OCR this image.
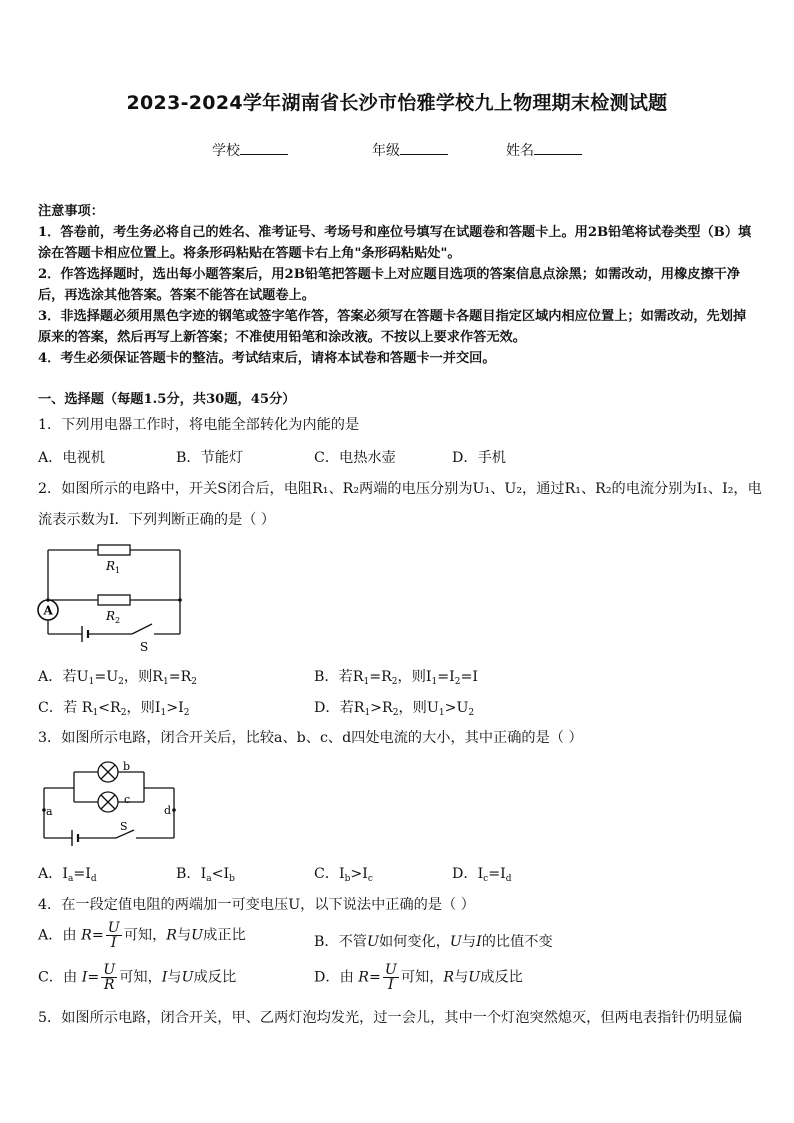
2023-2024学年湖南省长沙市怡雅学校九上物理期末检测试题
学校	年级	姓名
注意事项：
1．答卷前，考生务必将自己的姓名、准考证号、考场号和座位号填写在试题卷和答题卡上。用2B铅笔将试卷类型（B）填涂在答题卡相应位置上。将条形码粘贴在答题卡右上角"条形码粘贴处"。
2．作答选择题时，选出每小题答案后，用2B铅笔把答题卡上对应题目选项的答案信息点涂黑；如需改动，用橡皮擦干净后，再选涂其他答案。答案不能答在试题卷上。
3．非选择题必须用黑色字迹的钢笔或签字笔作答，答案必须写在答题卡各题目指定区域内相应位置上；如需改动，先划掉原来的答案，然后再写上新答案；不准使用铅笔和涂改液。不按以上要求作答无效。
4．考生必须保证答题卡的整洁。考试结束后，请将本试卷和答题卡一并交回。
一、选择题（每题1.5分，共30题，45分）
1．下列用电器工作时，将电能全部转化为内能的是
A．电视机	B．节能灯	C．电热水壶	D．手机
2．如图所示的电路中，开关S闭合后，电阻R₁、R₂两端的电压分别为U₁、U₂，通过R₁、R₂的电流分别为I₁、I₂，电
流表示数为I．下列判断正确的是（ ）
R 1
R 2
A
S
A．若$U_1=U_2$，则$R_1=R_2$	B．若$R_1=R_2$，则$I_1=I_2=I$
C．若 $R_1<R_2$，则$I_1>I_2$	D．若$R_1>R_2$，则$U_1>U_2$
3．如图所示电路，闭合开关后，比较a、b、c、d四处电流的大小，其中正确的是（ ）
a
b
c
d
S
A．$I_a=I_d$	B．$I_a<I_b$	C．$I_b>I_c$	D．$I_c=I_d$
4．在一段定值电阻的两端加一可变电压U，以下说法中正确的是（ ）
A．由 $R= \frac{U}{I}$ 可知，R与U成正比	B．不管U如何变化，U与I的比值不变
C．由 $I= \frac{U}{R}$ 可知，I与U成反比	D．由 $R= \frac{U}{I}$ 可知，R与U成反比
5．如图所示电路，闭合开关，甲、乙两灯泡均发光，过一会儿，其中一个灯泡突然熄灭，但两电表指针仍明显偏
